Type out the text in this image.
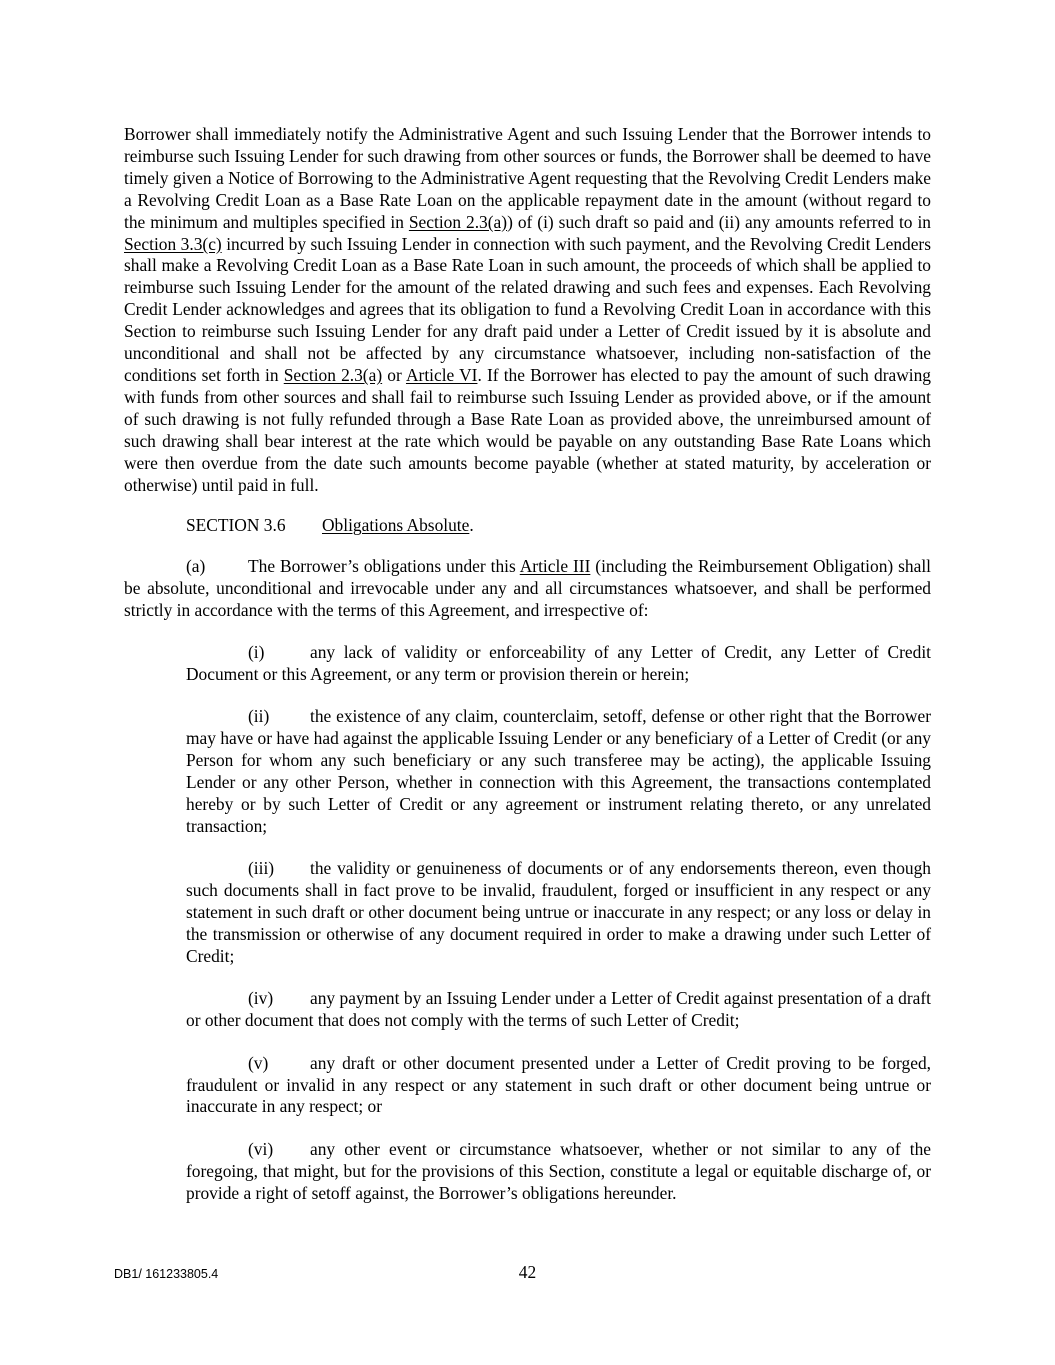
Borrower shall immediately notify the Administrative Agent and such Issuing Lender that the Borrower intends to reimburse such Issuing Lender for such drawing from other sources or funds, the Borrower shall be deemed to have timely given a Notice of Borrowing to the Administrative Agent requesting that the Revolving Credit Lenders make a Revolving Credit Loan as a Base Rate Loan on the applicable repayment date in the amount (without regard to the minimum and multiples specified in Section 2.3(a)) of (i) such draft so paid and (ii) any amounts referred to in Section 3.3(c) incurred by such Issuing Lender in connection with such payment, and the Revolving Credit Lenders shall make a Revolving Credit Loan as a Base Rate Loan in such amount, the proceeds of which shall be applied to reimburse such Issuing Lender for the amount of the related drawing and such fees and expenses. Each Revolving Credit Lender acknowledges and agrees that its obligation to fund a Revolving Credit Loan in accordance with this Section to reimburse such Issuing Lender for any draft paid under a Letter of Credit issued by it is absolute and unconditional and shall not be affected by any circumstance whatsoever, including non-satisfaction of the conditions set forth in Section 2.3(a) or Article VI. If the Borrower has elected to pay the amount of such drawing with funds from other sources and shall fail to reimburse such Issuing Lender as provided above, or if the amount of such drawing is not fully refunded through a Base Rate Loan as provided above, the unreimbursed amount of such drawing shall bear interest at the rate which would be payable on any outstanding Base Rate Loans which were then overdue from the date such amounts become payable (whether at stated maturity, by acceleration or otherwise) until paid in full.

SECTION 3.6 Obligations Absolute.

(a) The Borrower’s obligations under this Article III (including the Reimbursement Obligation) shall be absolute, unconditional and irrevocable under any and all circumstances whatsoever, and shall be performed strictly in accordance with the terms of this Agreement, and irrespective of:

(i)	any lack of validity or enforceability of any Letter of Credit, any Letter of Credit Document or this Agreement, or any term or provision therein or herein;

(ii) the existence of any claim, counterclaim, setoff, defense or other right that the Borrower may have or have had against the applicable Issuing Lender or any beneficiary of a Letter of Credit (or any Person for whom any such beneficiary or any such transferee may be acting), the applicable Issuing Lender or any other Person, whether in connection with this Agreement, the transactions contemplated hereby or by such Letter of Credit or any agreement or instrument relating thereto, or any unrelated transaction;

(iii) the validity or genuineness of documents or of any endorsements thereon, even though such documents shall in fact prove to be invalid, fraudulent, forged or insufficient in any respect or any statement in such draft or other document being untrue or inaccurate in any respect; or any loss or delay in the transmission or otherwise of any document required in order to make a drawing under such Letter of Credit;

(iv) any payment by an Issuing Lender under a Letter of Credit against presentation of a draft or other document that does not comply with the terms of such Letter of Credit;

(v) any draft or other document presented under a Letter of Credit proving to be forged, fraudulent or invalid in any respect or any statement in such draft or other document being untrue or inaccurate in any respect; or

(vi) any other event or circumstance whatsoever, whether or not similar to any of the foregoing, that might, but for the provisions of this Section, constitute a legal or equitable discharge of, or provide a right of setoff against, the Borrower’s obligations hereunder.

DB1/ 161233805.4	42
